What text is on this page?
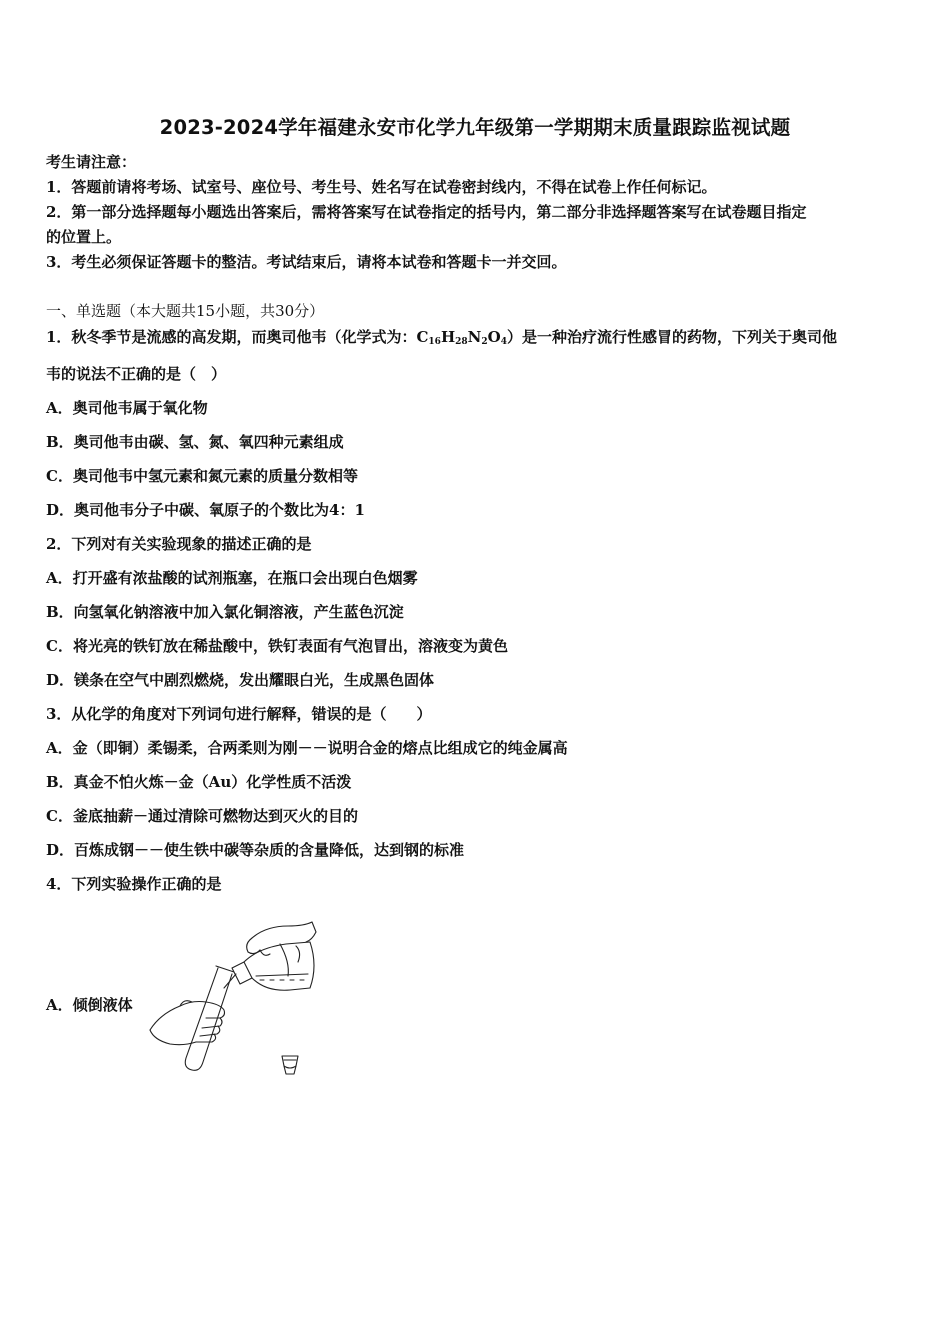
2023-2024学年福建永安市化学九年级第一学期期末质量跟踪监视试题
考生请注意：
1．答题前请将考场、试室号、座位号、考生号、姓名写在试卷密封线内，不得在试卷上作任何标记。
2．第一部分选择题每小题选出答案后，需将答案写在试卷指定的括号内，第二部分非选择题答案写在试卷题目指定
的位置上。
3．考生必须保证答题卡的整洁。考试结束后，请将本试卷和答题卡一并交回。
一、单选题（本大题共15小题，共30分）
1．秋冬季节是流感的高发期，而奥司他韦（化学式为：$C_{16}H_{28}N_2O_4$）是一种治疗流行性感冒的药物，下列关于奥司他
韦的说法不正确的是（　）
A．奥司他韦属于氧化物
B．奥司他韦由碳、氢、氮、氧四种元素组成
C．奥司他韦中氢元素和氮元素的质量分数相等
D．奥司他韦分子中碳、氧原子的个数比为4：1
2．下列对有关实验现象的描述正确的是
A．打开盛有浓盐酸的试剂瓶塞，在瓶口会出现白色烟雾
B．向氢氧化钠溶液中加入氯化铜溶液，产生蓝色沉淀
C．将光亮的铁钉放在稀盐酸中，铁钉表面有气泡冒出，溶液变为黄色
D．镁条在空气中剧烈燃烧，发出耀眼白光，生成黑色固体
3．从化学的角度对下列词句进行解释，错误的是（　　）
A．金（即铜）柔锡柔，合两柔则为刚－－说明合金的熔点比组成它的纯金属高
B．真金不怕火炼－金（Au）化学性质不活泼
C．釜底抽薪－通过清除可燃物达到灭火的目的
D．百炼成钢－－使生铁中碳等杂质的含量降低，达到钢的标准
4．下列实验操作正确的是
A．倾倒液体
